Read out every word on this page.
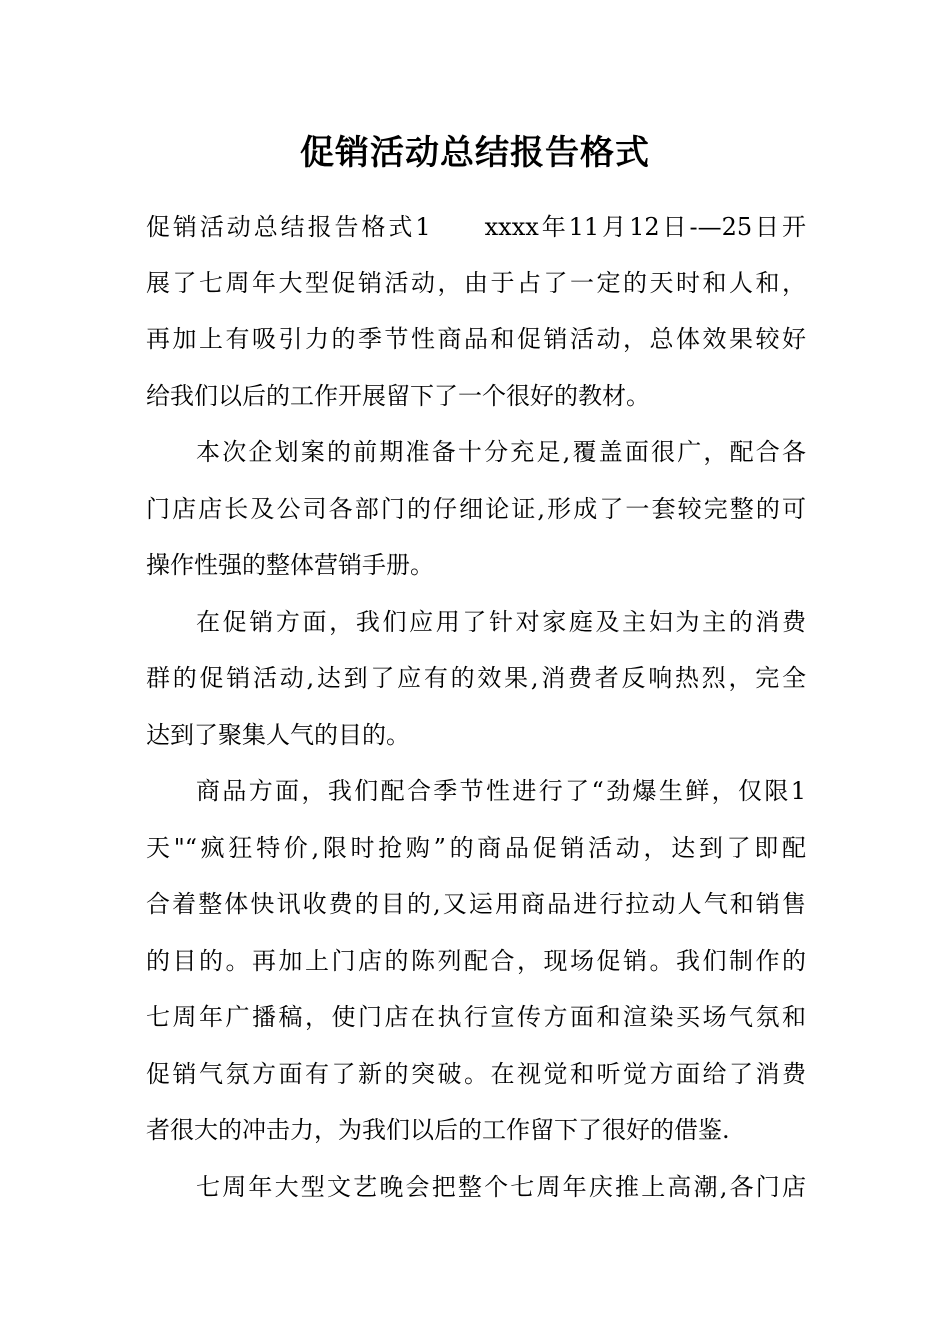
促销活动总结报告格式

促销活动总结报告格式1 xxxx年11月12日-—25日开

展了七周年大型促销活动，由于占了一定的天时和人和，

再加上有吸引力的季节性商品和促销活动，总体效果较好

给我们以后的工作开展留下了一个很好的教材。

本次企划案的前期准备十分充足,覆盖面很广，配合各

门店店长及公司各部门的仔细论证,形成了一套较完整的可

操作性强的整体营销手册。

在促销方面，我们应用了针对家庭及主妇为主的消费

群的促销活动,达到了应有的效果,消费者反响热烈，完全

达到了聚集人气的目的。

商品方面，我们配合季节性进行了“劲爆生鲜，仅限1

天"“疯狂特价,限时抢购”的商品促销活动，达到了即配

合着整体快讯收费的目的,又运用商品进行拉动人气和销售

的目的。再加上门店的陈列配合，现场促销。我们制作的

七周年广播稿，使门店在执行宣传方面和渲染买场气氛和

促销气氛方面有了新的突破。在视觉和听觉方面给了消费

者很大的冲击力，为我们以后的工作留下了很好的借鉴.

七周年大型文艺晚会把整个七周年庆推上高潮,各门店
